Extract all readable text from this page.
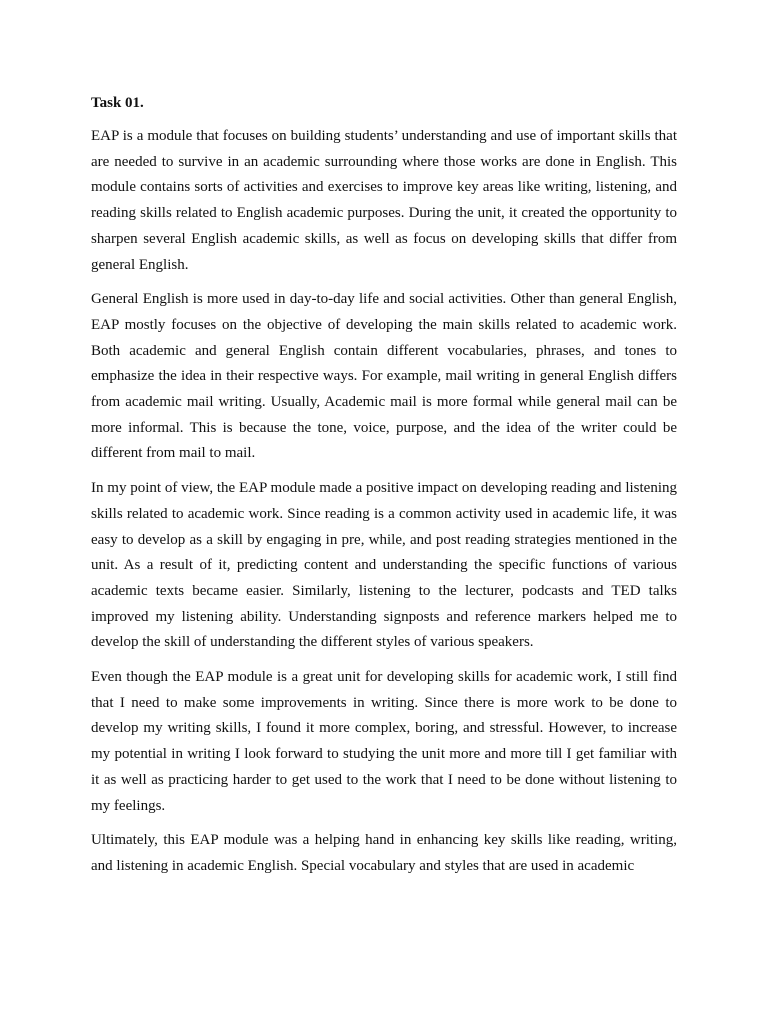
Task 01.

EAP is a module that focuses on building students’ understanding and use of important skills that are needed to survive in an academic surrounding where those works are done in English. This module contains sorts of activities and exercises to improve key areas like writing, listening, and reading skills related to English academic purposes. During the unit, it created the opportunity to sharpen several English academic skills, as well as focus on developing skills that differ from general English.

General English is more used in day-to-day life and social activities. Other than general English, EAP mostly focuses on the objective of developing the main skills related to academic work. Both academic and general English contain different vocabularies, phrases, and tones to emphasize the idea in their respective ways. For example, mail writing in general English differs from academic mail writing. Usually, Academic mail is more formal while general mail can be more informal. This is because the tone, voice, purpose, and the idea of the writer could be different from mail to mail.

In my point of view, the EAP module made a positive impact on developing reading and listening skills related to academic work. Since reading is a common activity used in academic life, it was easy to develop as a skill by engaging in pre, while, and post reading strategies mentioned in the unit. As a result of it, predicting content and understanding the specific functions of various academic texts became easier. Similarly, listening to the lecturer, podcasts and TED talks improved my listening ability. Understanding signposts and reference markers helped me to develop the skill of understanding the different styles of various speakers.

Even though the EAP module is a great unit for developing skills for academic work, I still find that I need to make some improvements in writing. Since there is more work to be done to develop my writing skills, I found it more complex, boring, and stressful. However, to increase my potential in writing I look forward to studying the unit more and more till I get familiar with it as well as practicing harder to get used to the work that I need to be done without listening to my feelings.

Ultimately, this EAP module was a helping hand in enhancing key skills like reading, writing, and listening in academic English. Special vocabulary and styles that are used in academic
